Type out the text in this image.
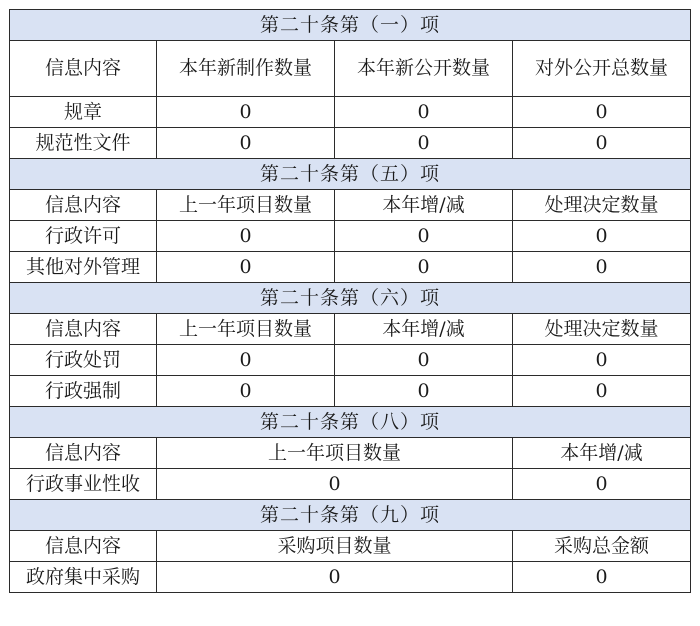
第二十条第（一）项			
信息内容	本年新制作数量	本年新公开数量	对外公开总数量
规章	0	0	0
规范性文件	0	0	0
第二十条第（五）项			
信息内容	上一年项目数量	本年增/减	处理决定数量
行政许可	0	0	0
其他对外管理	0	0	0
第二十条第（六）项			
信息内容	上一年项目数量	本年增/减	处理决定数量
行政处罚	0	0	0
行政强制	0	0	0
第二十条第（八）项			
信息内容	上一年项目数量		本年增/减
行政事业性收	0		0
第二十条第（九）项			
信息内容	采购项目数量		采购总金额
政府集中采购	0		0
